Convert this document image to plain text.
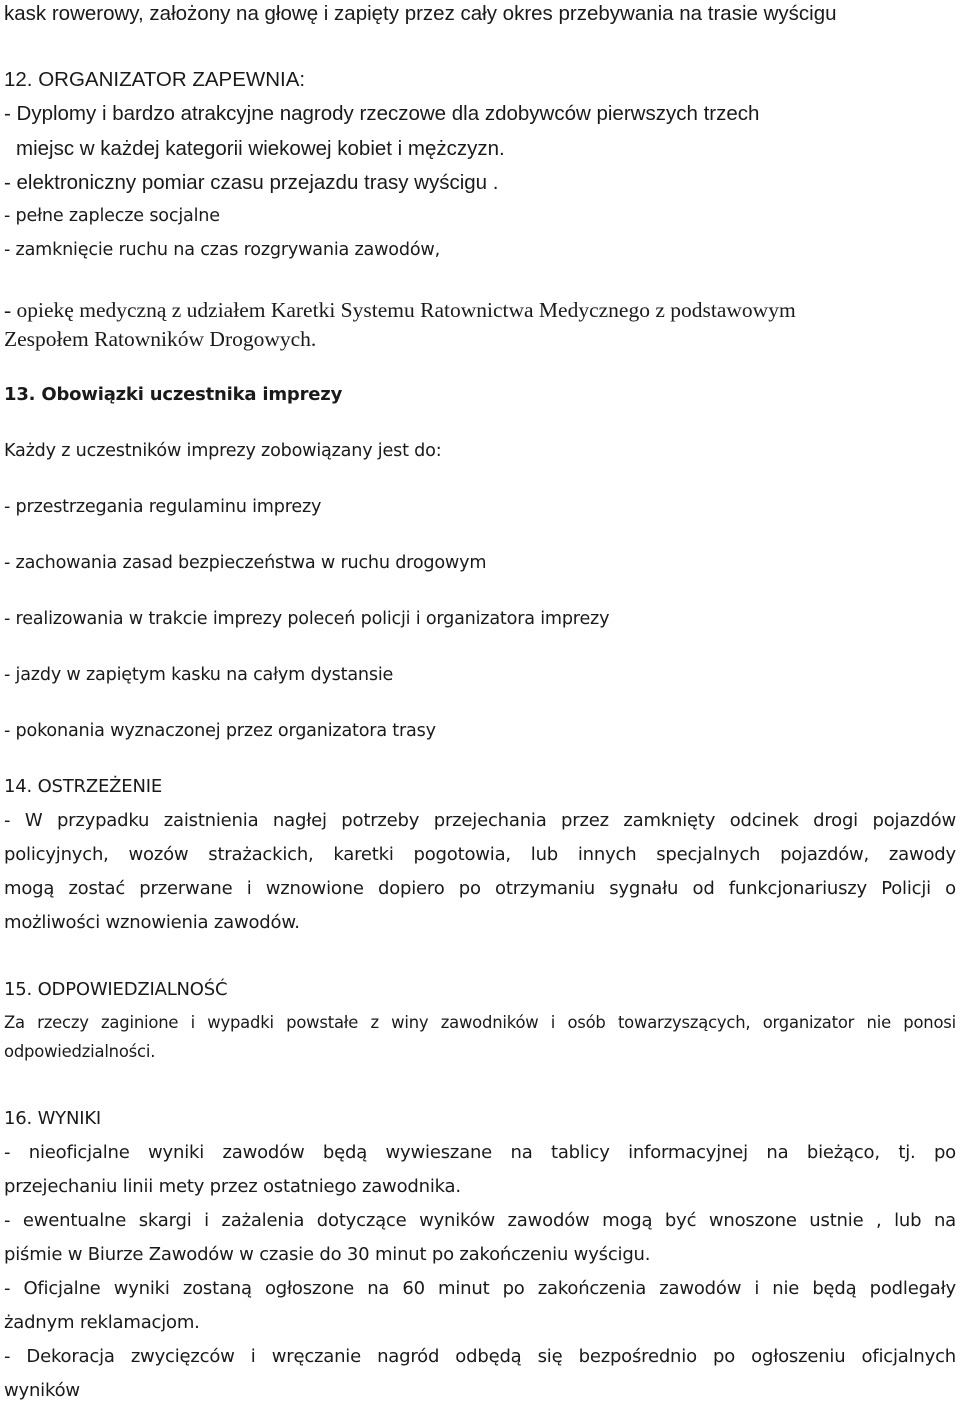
kask rowerowy, założony na głowę i zapięty przez cały okres przebywania na trasie wyścigu
12. ORGANIZATOR ZAPEWNIA:
- Dyplomy i bardzo atrakcyjne nagrody rzeczowe dla zdobywców pierwszych trzech
miejsc w każdej kategorii wiekowej kobiet i mężczyzn.
- elektroniczny pomiar czasu przejazdu trasy wyścigu .
- pełne zaplecze socjalne
- zamknięcie ruchu na czas rozgrywania zawodów,
- opiekę medyczną z udziałem Karetki Systemu Ratownictwa Medycznego z podstawowym
Zespołem Ratowników Drogowych.
13. Obowiązki uczestnika imprezy
Każdy z uczestników imprezy zobowiązany jest do:
- przestrzegania regulaminu imprezy
- zachowania zasad bezpieczeństwa w ruchu drogowym
- realizowania w trakcie imprezy poleceń policji i organizatora imprezy
- jazdy w zapiętym kasku na całym dystansie
- pokonania wyznaczonej przez organizatora trasy
14. OSTRZEŻENIE
- W przypadku zaistnienia nagłej potrzeby przejechania przez zamknięty odcinek drogi pojazdów
policyjnych, wozów strażackich, karetki pogotowia, lub innych specjalnych pojazdów, zawody
mogą zostać przerwane i wznowione dopiero po otrzymaniu sygnału od funkcjonariuszy Policji o
możliwości wznowienia zawodów.
15. ODPOWIEDZIALNOŚĆ
Za rzeczy zaginione i wypadki powstałe z winy zawodników i osób towarzyszących, organizator nie ponosi
odpowiedzialności.
16. WYNIKI
- nieoficjalne wyniki zawodów będą wywieszane na tablicy informacyjnej na bieżąco, tj. po
przejechaniu linii mety przez ostatniego zawodnika.
- ewentualne skargi i zażalenia dotyczące wyników zawodów mogą być wnoszone ustnie , lub na
piśmie w Biurze Zawodów w czasie do 30 minut po zakończeniu wyścigu.
- Oficjalne wyniki zostaną ogłoszone na 60 minut po zakończenia zawodów i nie będą podlegały
żadnym reklamacjom.
- Dekoracja zwycięzców i wręczanie nagród odbędą się bezpośrednio po ogłoszeniu oficjalnych
wyników
